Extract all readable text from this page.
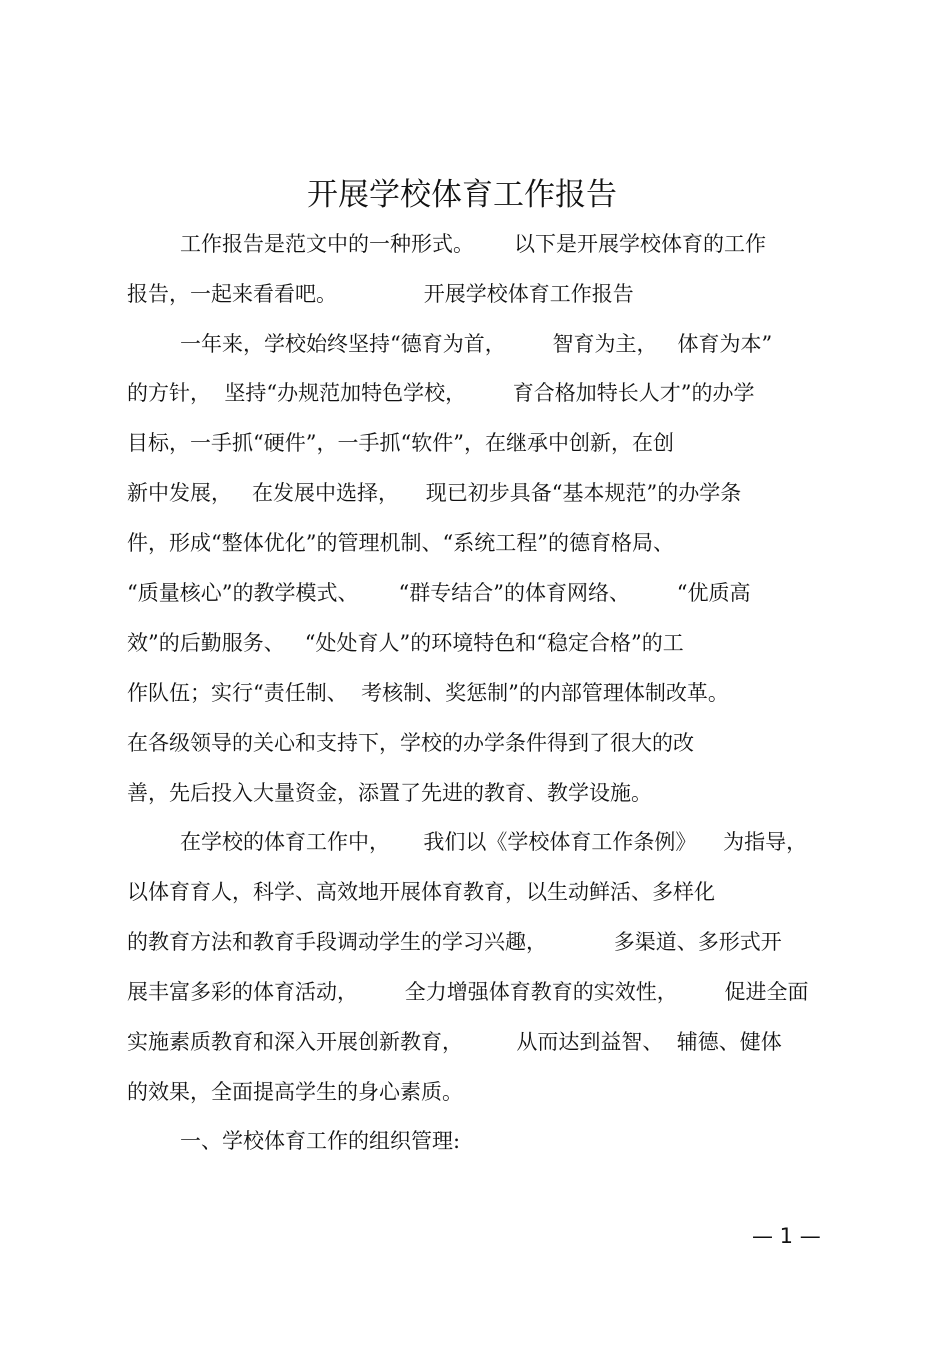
开展学校体育工作报告
工作报告是范文中的一种形式。      以下是开展学校体育的工作
报告，一起来看看吧。             开展学校体育工作报告
一年来，学校始终坚持“德育为首，       智育为主，   体育为本”
的方针，  坚持“办规范加特色学校，       育合格加特长人才”的办学
目标，一手抓“硬件”，一手抓“软件”，在继承中创新，在创
新中发展，   在发展中选择，    现已初步具备“基本规范”的办学条
件，形成“整体优化”的管理机制、“系统工程”的德育格局、
“质量核心”的教学模式、      “群专结合”的体育网络、       “优质高
效”的后勤服务、   “处处育人”的环境特色和“稳定合格”的工
作队伍；实行“责任制、  考核制、奖惩制”的内部管理体制改革。
在各级领导的关心和支持下，学校的办学条件得到了很大的改
善，先后投入大量资金，添置了先进的教育、教学设施。
在学校的体育工作中，     我们以《学校体育工作条例》    为指导，
以体育育人，科学、高效地开展体育教育，以生动鲜活、多样化
的教育方法和教育手段调动学生的学习兴趣，          多渠道、多形式开
展丰富多彩的体育活动，       全力增强体育教育的实效性，       促进全面
实施素质教育和深入开展创新教育，        从而达到益智、  辅德、健体
的效果，全面提高学生的身心素质。
一、学校体育工作的组织管理:
— 1 —
